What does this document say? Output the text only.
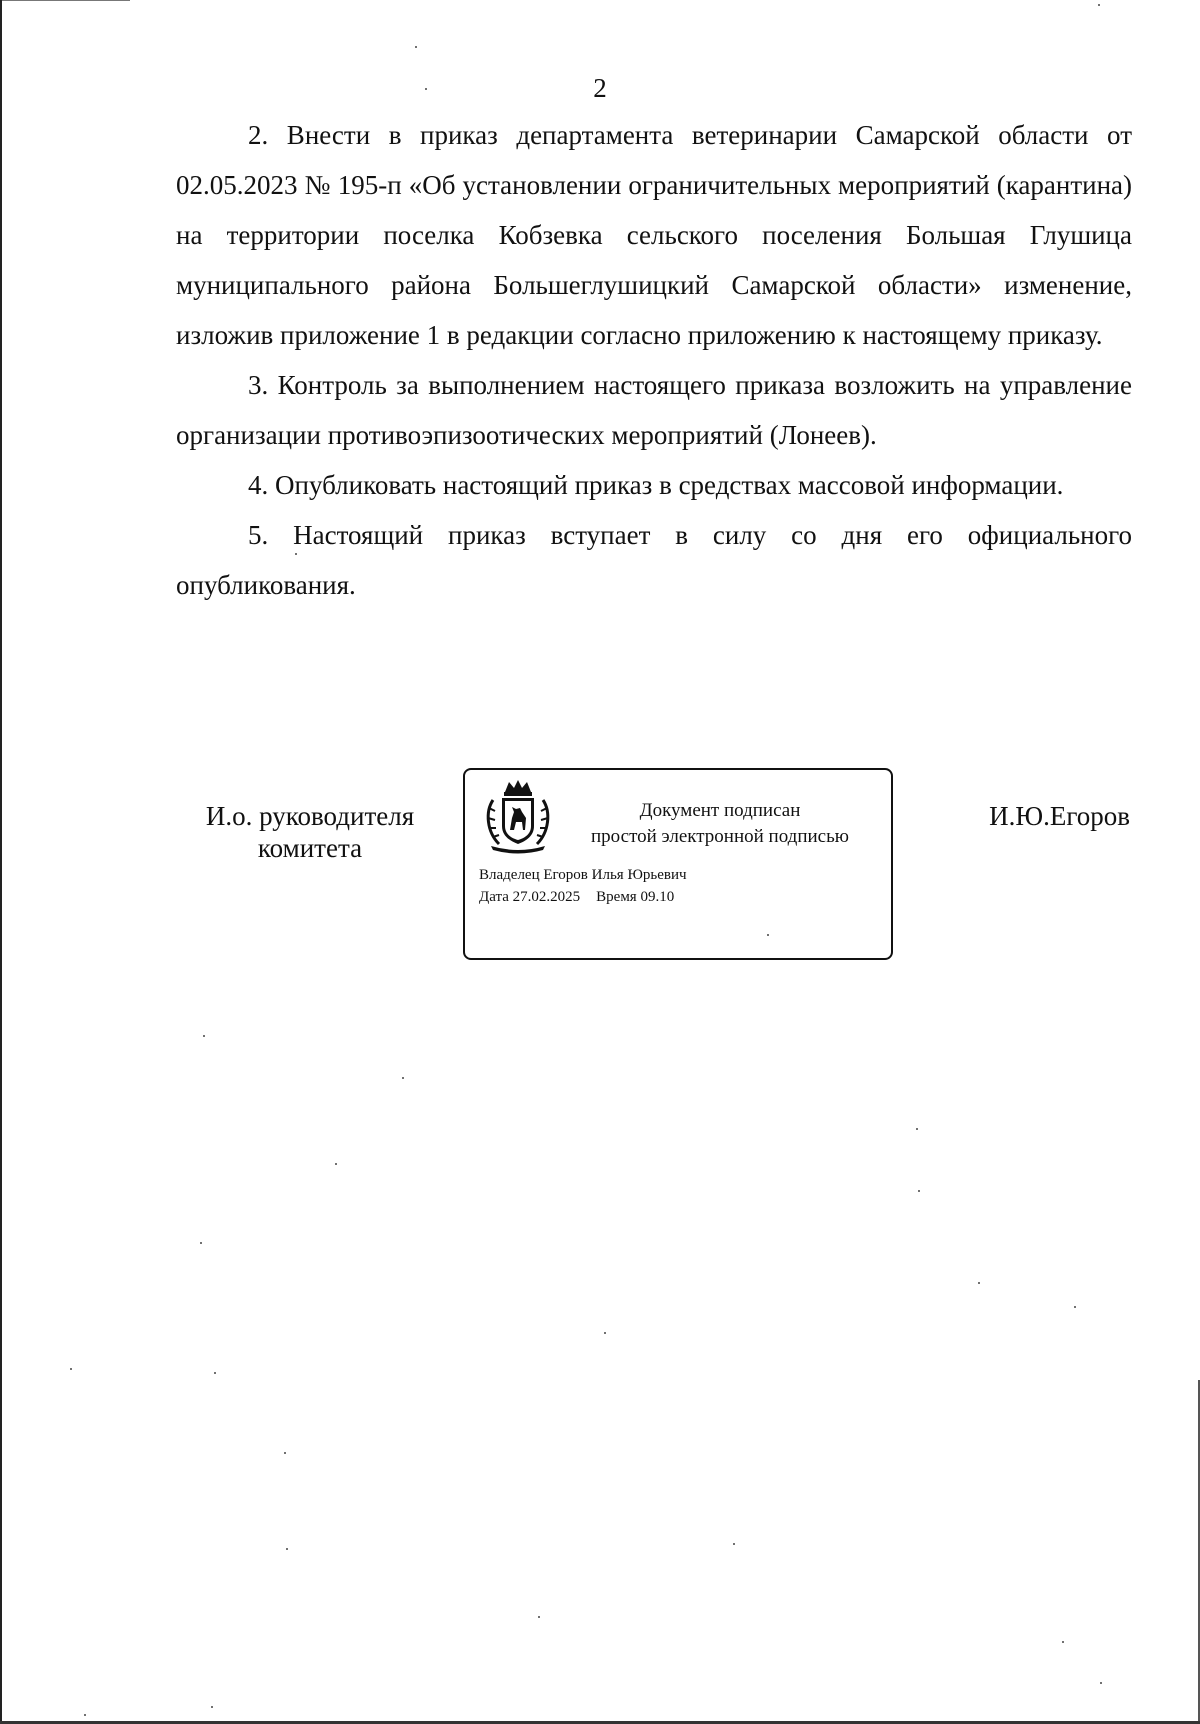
2

2. Внести в приказ департамента ветеринарии Самарской области от 02.05.2023 № 195-п «Об установлении ограничительных мероприятий (карантина) на территории поселка Кобзевка сельского поселения Большая Глушица муниципального района Большеглушицкий Самарской области» изменение, изложив приложение 1 в редакции согласно приложению к настоящему приказу.

3. Контроль за выполнением настоящего приказа возложить на управление организации противоэпизоотических мероприятий (Лонеев).

4. Опубликовать настоящий приказ в средствах массовой информации.

5. Настоящий приказ вступает в силу со дня его официального опубликования.

И.о. руководителя
комитета
Документ подписан
простой электронной подписью
Владелец Егоров Илья Юрьевич
Дата 27.02.2025 Время 09.10
И.Ю.Егоров
